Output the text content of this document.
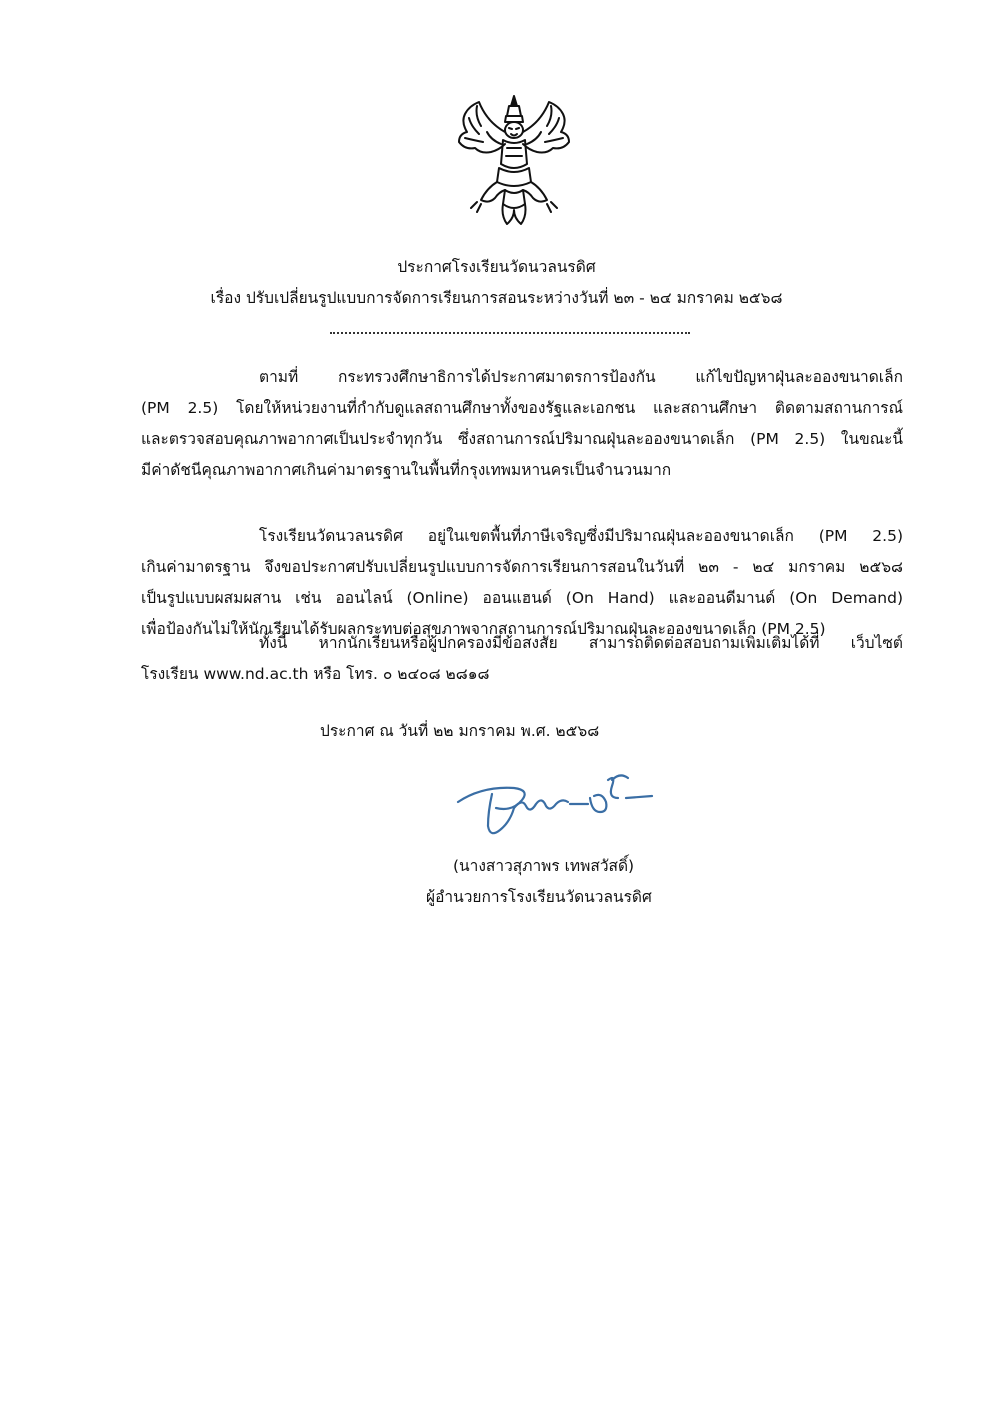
ประกาศโรงเรียนวัดนวลนรดิศ
เรื่อง ปรับเปลี่ยนรูปแบบการจัดการเรียนการสอนระหว่างวันที่ ๒๓ - ๒๔ มกราคม ๒๕๖๘
ตามที่ กระทรวงศึกษาธิการได้ประกาศมาตรการป้องกัน แก้ไขปัญหาฝุ่นละอองขนาดเล็ก
(PM 2.5) โดยให้หน่วยงานที่กำกับดูแลสถานศึกษาทั้งของรัฐและเอกชน และสถานศึกษา ติดตามสถานการณ์
และตรวจสอบคุณภาพอากาศเป็นประจำทุกวัน ซึ่งสถานการณ์ปริมาณฝุ่นละอองขนาดเล็ก (PM 2.5) ในขณะนี้
มีค่าดัชนีคุณภาพอากาศเกินค่ามาตรฐานในพื้นที่กรุงเทพมหานครเป็นจำนวนมาก
โรงเรียนวัดนวลนรดิศ อยู่ในเขตพื้นที่ภาษีเจริญซึ่งมีปริมาณฝุ่นละอองขนาดเล็ก (PM 2.5)
เกินค่ามาตรฐาน จึงขอประกาศปรับเปลี่ยนรูปแบบการจัดการเรียนการสอนในวันที่ ๒๓ - ๒๔ มกราคม ๒๕๖๘
เป็นรูปแบบผสมผสาน เช่น ออนไลน์ (Online) ออนแฮนด์ (On Hand) และออนดีมานด์ (On Demand)
เพื่อป้องกันไม่ให้นักเรียนได้รับผลกระทบต่อสุขภาพจากสถานการณ์ปริมาณฝุ่นละอองขนาดเล็ก (PM 2.5)
ทั้งนี้ หากนักเรียนหรือผู้ปกครองมีข้อสงสัย สามารถติดต่อสอบถามเพิ่มเติมได้ที่ เว็บไซต์
โรงเรียน www.nd.ac.th หรือ โทร. ๐ ๒๔๐๘ ๒๘๑๘
ประกาศ ณ วันที่ ๒๒ มกราคม พ.ศ. ๒๕๖๘
(นางสาวสุภาพร เทพสวัสดิ์)
ผู้อำนวยการโรงเรียนวัดนวลนรดิศ
